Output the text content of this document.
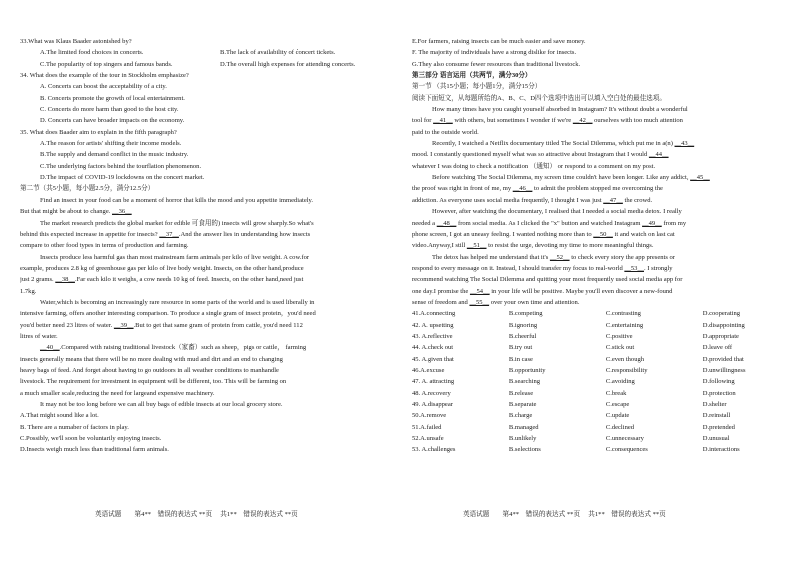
33.What was Klaus Baader astonished by?
A.The limited food choices in concerts.	B.The lack of availability of concert tickets.
C.The popularity of top singers and famous bands.	D.The overall high expenses for attending concerts.
34. What does the example of the tour in Stockholm emphasize?
A. Concerts can boost the acceptability of a city.
B. Concerts promote the growth of local entertainment.
C. Concerts do more harm than good to the host city.
D. Concerts can have broader impacts on the economy.
35. What does Baader aim to explain in the fifth paragraph?
A.The reason for artists' shifting their income models.
B.The supply and demand conflict in the music industry.
C.The underlying factors behind the tourflation phenomenon.
D.The impact of COVID-19 lockdowns on the concert market.
第二节（共5小题，每小题2.5分，满分12.5分）
Find an insect in your food can be a moment of horror that kills the mood and you appetite immediately.
But that might be about to change. __36__
The market research predicts the global market for edible 可食用的) insects will grow sharply.So what's
behind this expected increase in appetite for insects? __37__.And the answer lies in understanding how insects
compare to other food types in terms of production and farming.
Insects produce less harmful gas than most mainstream farm animals per kilo of live weight. A cow.for
example, produces 2.8 kg of greenhouse gas per kilo of live body weight. Insects, on the other hand,produce
just 2 grams. __38__.Far each kilo it weighs, a cow needs 10 kg of feed. Insects, on the other hand,need just
1.7kg.
Water,which is becoming an increasingly rare resource in some parts of the world and is used liberally in
intensive farming, offers another interesting comparison. To produce a single gram of insect protein，you'd need
you'd better need 23 litres of water. __39__.But to get that same gram of protein from cattle, you'd need 112
litres of water.
__40__.Compared with raising traditional livestock（家畜）such as sheep，pigs or cattle， farming
insects generally means that there will be no more dealing with mud and dirt and an end to changing
heavy bags of feed. And forget about having to go outdoors in all weather conditions to manhandle
livestock. The requirement for investment in equipment will be different, too. This will be farming on
a much smaller scale,reducing the need for largeand expensive machinery.
It may not be too long before we can all buy bags of edible insects at our local grocery store.
A.That might sound like a lot.
B. There are a numaber of factors in play.
C.Possibly, we'll soon be voluntarily enjoying insects.
D.Insects weigh much less than traditional farm animals.
E.For farmers, raising insects can be much easier and save money.
F. The majority of individuals have a strong dislike for insects.
G.They also consume fewer resources than traditional livestock.
第三部分 语言运用（共两节，满分30分）
第一节 （共15小题；每小题1分，满分15分）
阅读下面短文，从每题所给的A、B、C、D四个选项中选出可以填入空白处的最佳选项。
How many times have you caught yourself absorbed in Instagram? It's without doubt a wonderful
tool for __41__ with others, but sometimes I wonder if we're __42__ ourselves with too much attention
paid to the outside world.
Recently, I watched a Netflix documentary titled The Social Dilemma, which put me in a(n) __43__
mood. I constantly questioned myself what was so attractive about Instagram that I would __44__
whatever I was doing to check a notification （通知） or respond to a comment on my post.
Before watching The Social Dilemma, my screen time couldn't have been longer. Like any addict, __45__
the proof was right in front of me, my __46__ to admit the problem stopped me overcoming the
addiction. As everyone uses social media frequently, I thought I was just __47__ the crowd.
However, after watching the documentary, I realised that I needed a social media detox. I really
needed a __48__ from social media. As I clicked the "x" button and watched Instagram __49__ from my
phone screen, I got an uneasy feeling. I wanted nothing more than to __50__ it and watch on last cat
video.Anyway,I still __51__ to resist the urge, devoting my time to more meaningful things.
The detox has helped me understand that it's __52__ to check every story the app presents or
respond to every message on it. Instead, I should transfer my focus to real-world __53__. I strongly
recommend watching The Social Dilemma and quitting your most frequently used social media app for
one day.I promise the __54__ in your life will be positive. Maybe you'll even discover a new-found
sense of freedom and __55__ over your own time and attention.
41.A.connecting	B.competing	C.contrasting	D.cooperating
42. A. upsetting	B.ignoring	C.entertaining	D.disappointing
43. A.reflective	B.cheerful	C.positive	D.appropriate
44. A.check out	B.try out	C.stick out	D.leave off
45. A.given that	B.in case	C.even though	D.provided that
46.A.excuse	B.opportunity	C.responsibility	D.unwillingness
47. A. attracting	B.searching	C.avoiding	D.following
48. A.recovery	B.release	C.break	D.protection
49. A.disappear	B.separate	C.escape	D.shelter
50.A.remove	B.charge	C.update	D.reinstall
51.A.failed	B.managed	C.declined	D.pretended
52.A.unsafe	B.unlikely	C.unnecessary	D.unusual
53. A.challenges	B.selections	C.consequences	D.interactions
英语试题　　第4**　错误的表达式 **页　 共1**　错误的表达式 **页	英语试题　　第4**　错误的表达式 **页　 共1**　错误的表达式 **页
